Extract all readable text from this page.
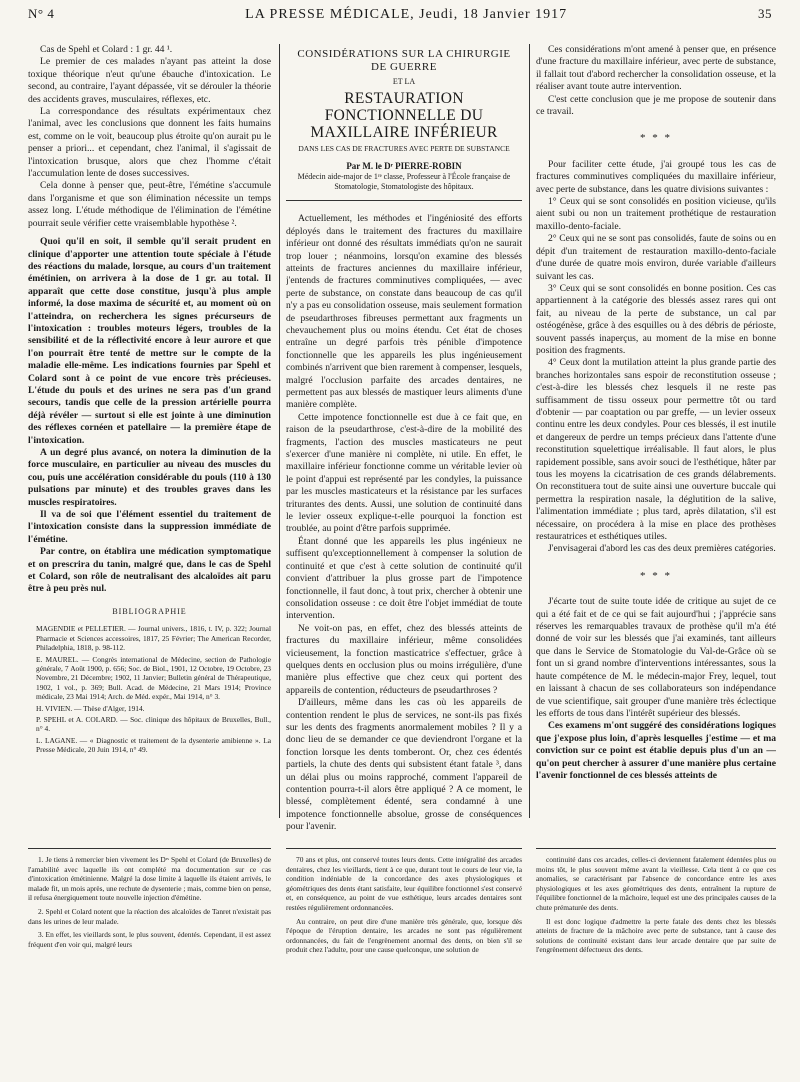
N° 4	LA PRESSE MÉDICALE, Jeudi, 18 Janvier 1917	35

Cas de Spehl et Colard : 1 gr. 44 ¹.

Le premier de ces malades n'ayant pas atteint la dose toxique théorique n'eut qu'une ébauche d'intoxication. Le second, au contraire, l'ayant dépassée, vit se dérouler la théorie des accidents graves, musculaires, réflexes, etc.

La correspondance des résultats expérimentaux chez l'animal, avec les conclusions que donnent les faits humains est, comme on le voit, beaucoup plus étroite qu'on aurait pu le penser a priori... et cependant, chez l'animal, il s'agissait de l'intoxication brusque, alors que chez l'homme c'était l'accumulation lente de doses successives.

Cela donne à penser que, peut-être, l'émétine s'accumule dans l'organisme et que son élimination nécessite un temps assez long. L'étude méthodique de l'élimination de l'émétine pourrait seule vérifier cette vraisemblable hypothèse ².

Quoi qu'il en soit, il semble qu'il serait prudent en clinique d'apporter une attention toute spéciale à l'étude des réactions du malade, lorsque, au cours d'un traitement émétinien, on arrivera à la dose de 1 gr. au total. Il apparaît que cette dose constitue, jusqu'à plus ample informé, la dose maxima de sécurité et, au moment où on l'atteindra, on recherchera les signes précurseurs de l'intoxication : troubles moteurs légers, troubles de la sensibilité et de la réflectivité encore à leur aurore et que l'on pourrait être tenté de mettre sur le compte de la maladie elle-même. Les indications fournies par Spehl et Colard sont à ce point de vue encore très précieuses. L'étude du pouls et des urines ne sera pas d'un grand secours, tandis que celle de la pression artérielle pourra déjà révéler — surtout si elle est jointe à une diminution des réflexes cornéen et patellaire — la première étape de l'intoxication.

A un degré plus avancé, on notera la diminution de la force musculaire, en particulier au niveau des muscles du cou, puis une accélération considérable du pouls (110 à 130 pulsations par minute) et des troubles graves dans les muscles respiratoires.

Il va de soi que l'élément essentiel du traitement de l'intoxication consiste dans la suppression immédiate de l'émétine.

Par contre, on établira une médication symptomatique et on prescrira du tanin, malgré que, dans le cas de Spehl et Colard, son rôle de neutralisant des alcaloïdes ait paru être à peu près nul.

BIBLIOGRAPHIE

MAGENDIE et PELLETIER. — Journal univers., 1816, t. IV, p. 322; Journal Pharmacie et Sciences accessoires, 1817, 25 Février; The American Recorder, Philadelphia, 1818, p. 98-112.

E. MAUREL. — Congrès international de Médecine, section de Pathologie générale, 7 Août 1900, p. 656; Soc. de Biol., 1901, 12 Octobre, 19 Octobre, 23 Novembre, 21 Décembre; 1902, 11 Janvier; Bulletin général de Thérapeutique, 1902, 1 vol., p. 369; Bull. Acad. de Médecine, 21 Mars 1914; Province médicale, 23 Mai 1914; Arch. de Méd. expér., Mai 1914, n° 3.

H. VIVIEN. — Thèse d'Alger, 1914.

P. SPEHL et A. COLARD. — Soc. clinique des hôpitaux de Bruxelles, Bull., n° 4.

L. LAGANE. — « Diagnostic et traitement de la dysenterie amibienne ». La Presse Médicale, 20 Juin 1914, n° 49.

CONSIDÉRATIONS SUR LA CHIRURGIE DE GUERRE
ET LA
RESTAURATION FONCTIONNELLE DU MAXILLAIRE INFÉRIEUR
DANS LES CAS DE FRACTURES AVEC PERTE DE SUBSTANCE
Par M. le Dʳ PIERRE-ROBIN
Médecin aide-major de 1ʳᵉ classe, Professeur à l'École française de Stomatologie, Stomatologiste des hôpitaux.

Actuellement, les méthodes et l'ingéniosité des efforts déployés dans le traitement des fractures du maxillaire inférieur ont donné des résultats immédiats qu'on ne saurait trop louer ; néanmoins, lorsqu'on examine des blessés atteints de fractures anciennes du maxillaire inférieur, j'entends de fractures comminutives compliquées, — avec perte de substance, on constate dans beaucoup de cas qu'il n'y a pas eu consolidation osseuse, mais seulement formation de pseudarthroses fibreuses permettant aux fragments un chevauchement plus ou moins étendu. Cet état de choses entraîne un degré parfois très pénible d'impotence fonctionnelle que les appareils les plus ingénieusement combinés n'arrivent que bien rarement à compenser, lesquels, malgré l'occlusion parfaite des arcades dentaires, ne permettent pas aux blessés de mastiquer leurs aliments d'une manière complète.

Cette impotence fonctionnelle est due à ce fait que, en raison de la pseudarthrose, c'est-à-dire de la mobilité des fragments, l'action des muscles masticateurs ne peut s'exercer d'une manière ni complète, ni utile. En effet, le maxillaire inférieur fonctionne comme un véritable levier où le point d'appui est représenté par les condyles, la puissance par les muscles masticateurs et la résistance par les surfaces triturantes des dents. Aussi, une solution de continuité dans le levier osseux explique-t-elle pourquoi la fonction est troublée, au point d'être parfois supprimée.

Étant donné que les appareils les plus ingénieux ne suffisent qu'exceptionnellement à compenser la solution de continuité et que c'est à cette solution de continuité qu'il convient d'attribuer la plus grosse part de l'impotence fonctionnelle, il faut donc, à tout prix, chercher à obtenir une consolidation osseuse : ce doit être l'objet immédiat de toute intervention.

Ne voit-on pas, en effet, chez des blessés atteints de fractures du maxillaire inférieur, même consolidées vicieusement, la fonction masticatrice s'effectuer, grâce à quelques dents en occlusion plus ou moins irrégulière, d'une manière plus effective que chez ceux qui portent des appareils de contention, réducteurs de pseudarthroses ?

D'ailleurs, même dans les cas où les appareils de contention rendent le plus de services, ne sont-ils pas fixés sur les dents des fragments anormalement mobiles ? Il y a donc lieu de se demander ce que deviendront l'organe et la fonction lorsque les dents tomberont. Or, chez ces édentés partiels, la chute des dents qui subsistent étant fatale ³, dans un délai plus ou moins rapproché, comment l'appareil de contention pourra-t-il alors être appliqué ? A ce moment, le blessé, complètement édenté, sera condamné à une impotence fonctionnelle absolue, grosse de conséquences pour l'avenir.

Ces considérations m'ont amené à penser que, en présence d'une fracture du maxillaire inférieur, avec perte de substance, il fallait tout d'abord rechercher la consolidation osseuse, et la réaliser avant toute autre intervention.

C'est cette conclusion que je me propose de soutenir dans ce travail.

* * *

Pour faciliter cette étude, j'ai groupé tous les cas de fractures comminutives compliquées du maxillaire inférieur, avec perte de substance, dans les quatre divisions suivantes :

1° Ceux qui se sont consolidés en position vicieuse, qu'ils aient subi ou non un traitement prothétique de restauration maxillo-dento-faciale.

2° Ceux qui ne se sont pas consolidés, faute de soins ou en dépit d'un traitement de restauration maxillo-dento-faciale d'une durée de quatre mois environ, durée variable d'ailleurs suivant les cas.

3° Ceux qui se sont consolidés en bonne position. Ces cas appartiennent à la catégorie des blessés assez rares qui ont fait, au niveau de la perte de substance, un cal par ostéogénèse, grâce à des esquilles ou à des débris de périoste, souvent passés inaperçus, au moment de la mise en bonne position des fragments.

4° Ceux dont la mutilation atteint la plus grande partie des branches horizontales sans espoir de reconstitution osseuse ; c'est-à-dire les blessés chez lesquels il ne reste pas suffisamment de tissu osseux pour permettre tôt ou tard d'obtenir — par coaptation ou par greffe, — un levier osseux continu entre les deux condyles. Pour ces blessés, il est inutile et dangereux de perdre un temps précieux dans l'attente d'une reconstitution squelettique irréalisable. Il faut alors, le plus rapidement possible, sans avoir souci de l'esthétique, hâter par tous les moyens la cicatrisation de ces grands délabrements. On reconstituera tout de suite ainsi une ouverture buccale qui permettra la respiration nasale, la déglutition de la salive, l'alimentation immédiate ; plus tard, après dilatation, s'il est nécessaire, on procédera à la mise en place des prothèses restauratrices et esthétiques utiles.

J'envisagerai d'abord les cas des deux premières catégories.

* * *

J'écarte tout de suite toute idée de critique au sujet de ce qui a été fait et de ce qui se fait aujourd'hui ; j'apprécie sans réserves les remarquables travaux de prothèse qu'il m'a été donné de voir sur les blessés que j'ai examinés, tant ailleurs que dans le Service de Stomatologie du Val-de-Grâce où se font un si grand nombre d'interventions intéressantes, sous la haute compétence de M. le médecin-major Frey, lequel, tout en laissant à chacun de ses collaborateurs son indépendance de vue scientifique, sait grouper d'une manière très éclectique les efforts de tous dans l'intérêt supérieur des blessés.

Ces examens m'ont suggéré des considérations logiques que j'expose plus loin, d'après lesquelles j'estime — et ma conviction sur ce point est établie depuis plus d'un an — qu'on peut chercher à assurer d'une manière plus certaine l'avenir fonctionnel de ces blessés atteints de

1. Je tiens à remercier bien vivement les Dʳˢ Spehl et Colard (de Bruxelles) de l'amabilité avec laquelle ils ont complété ma documentation sur ce cas d'intoxication émétinienne. Malgré la dose limite à laquelle ils étaient arrivés, le malade fit, un mois après, une rechute de dysenterie ; mais, comme bien on pense, il refusa énergiquement toute nouvelle injection d'émétine.

2. Spehl et Colard notent que la réaction des alcaloïdes de Tanret n'existait pas dans les urines de leur malade.

3. En effet, les vieillards sont, le plus souvent, édentés. Cependant, il est assez fréquent d'en voir qui, malgré leurs

70 ans et plus, ont conservé toutes leurs dents. Cette intégralité des arcades dentaires, chez les vieillards, tient à ce que, durant tout le cours de leur vie, la condition indéniable de la concordance des axes physiologiques et géométriques des dents étant satisfaite, leur équilibre fonctionnel s'est conservé et, en conséquence, au point de vue esthétique, leurs arcades dentaires sont restées régulièrement ordonnancées.

Au contraire, on peut dire d'une manière très générale, que, lorsque dès l'époque de l'éruption dentaire, les arcades ne sont pas régulièrement ordonnancées, du fait de l'engrènement anormal des dents, on bien s'il se produit chez l'adulte, pour une cause quelconque, une solution de

continuité dans ces arcades, celles-ci deviennent fatalement édentées plus ou moins tôt, le plus souvent même avant la vieillesse. Cela tient à ce que ces anomalies, se caractérisant par l'absence de concordance entre les axes physiologiques et les axes géométriques des dents, entraînent la rupture de l'équilibre fonctionnel de la mâchoire, lequel est une des principales causes de la chute prématurée des dents.

Il est donc logique d'admettre la perte fatale des dents chez les blessés atteints de fracture de la mâchoire avec perte de substance, tant à cause des solutions de continuité existant dans leur arcade dentaire que par suite de l'engrènement défectueux des dents.
